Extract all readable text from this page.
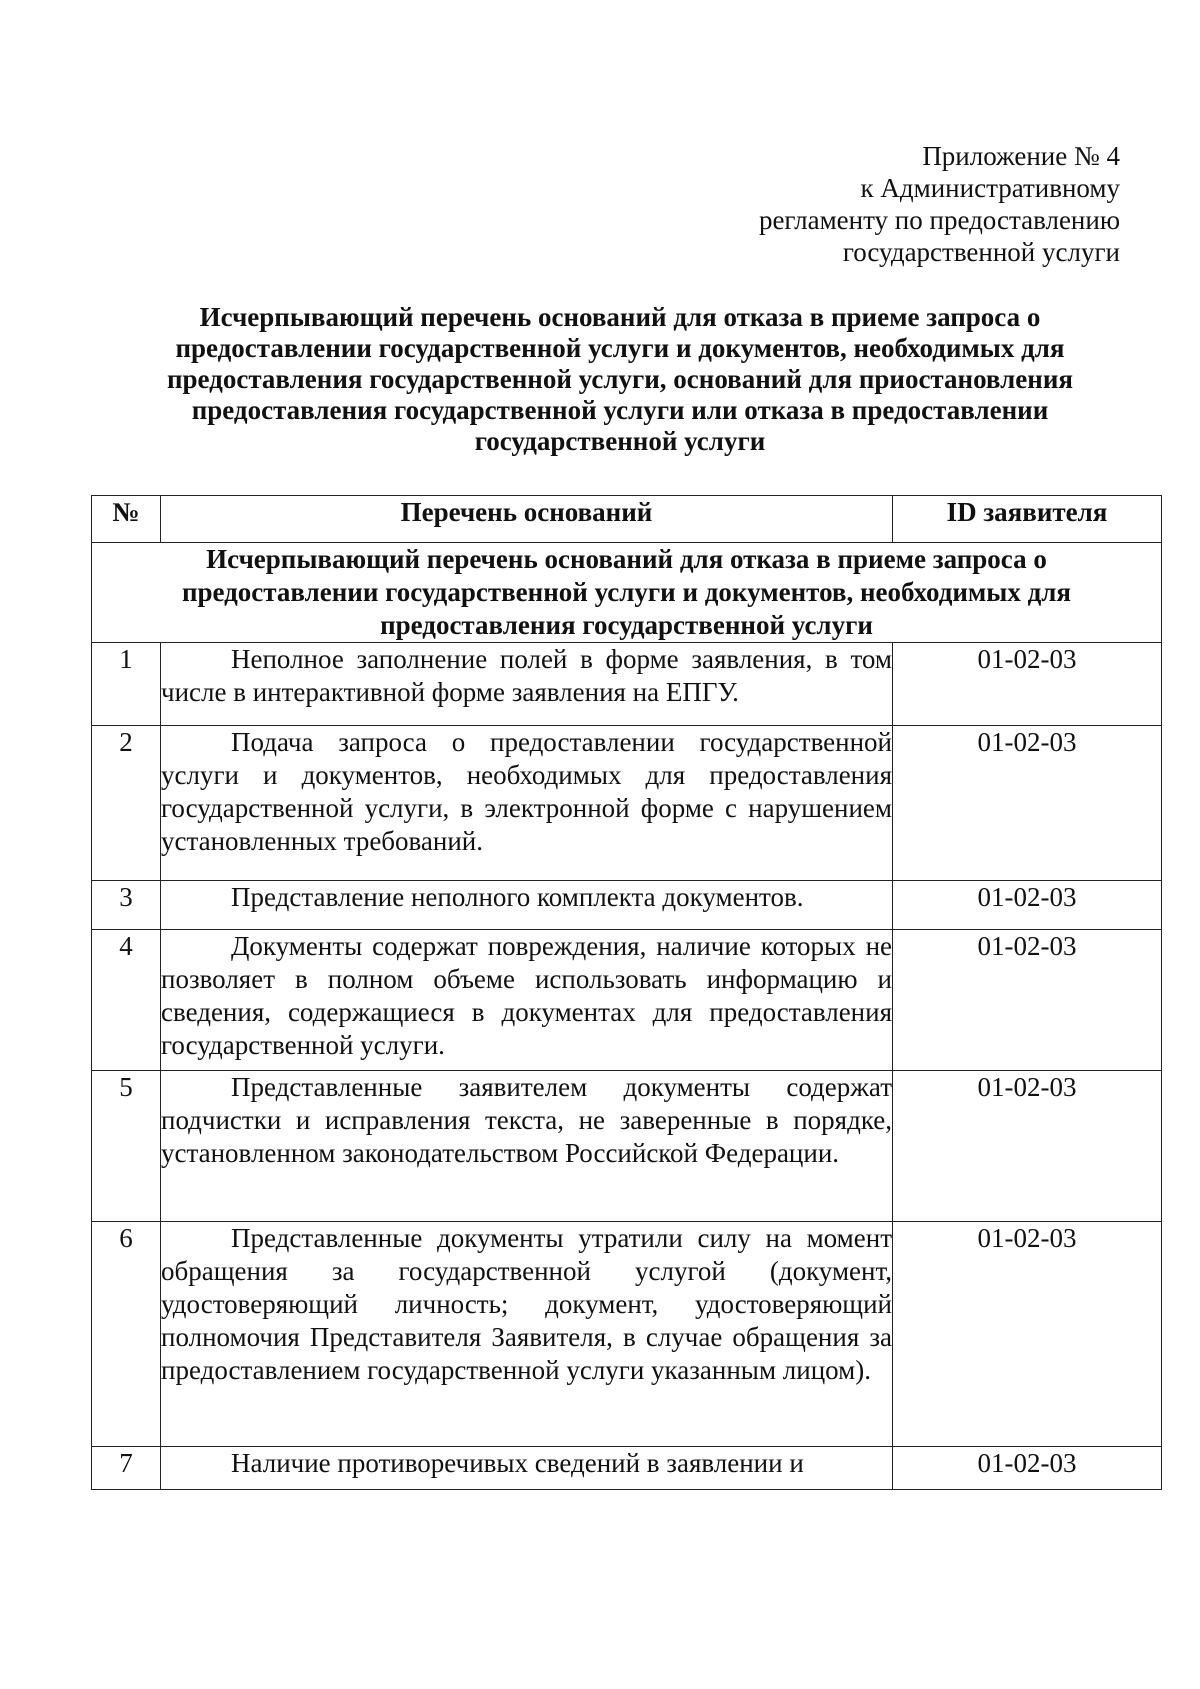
Приложение № 4
к Административному
регламенту по предоставлению
государственной услуги
Исчерпывающий перечень оснований для отказа в приеме запроса о
предоставлении государственной услуги и документов, необходимых для
предоставления государственной услуги, оснований для приостановления
предоставления государственной услуги или отказа в предоставлении
государственной услуги
№	Перечень оснований	ID заявителя

Исчерпывающий перечень оснований для отказа в приеме запроса о
предоставлении государственной услуги и документов, необходимых для
предоставления государственной услуги		

1	Неполное заполнение полей в форме заявления, в том числе в интерактивной форме заявления на ЕПГУ.	01-02-03
2	Подача запроса о предоставлении государственной услуги и документов, необходимых для предоставления государственной услуги, в электронной форме с нарушением установленных требований.	01-02-03
3	Представление неполного комплекта документов.	01-02-03
4	Документы содержат повреждения, наличие которых не позволяет в полном объеме использовать информацию и сведения, содержащиеся в документах для предоставления государственной услуги.	01-02-03
5	Представленные заявителем документы содержат подчистки и исправления текста, не заверенные в порядке, установленном законодательством Российской Федерации.	01-02-03
6	Представленные документы утратили силу на момент обращения за государственной услугой (документ, удостоверяющий личность; документ, удостоверяющий полномочия Представителя Заявителя, в случае обращения за предоставлением государственной услуги указанным лицом).	01-02-03
7	Наличие противоречивых сведений в заявлении и	01-02-03
